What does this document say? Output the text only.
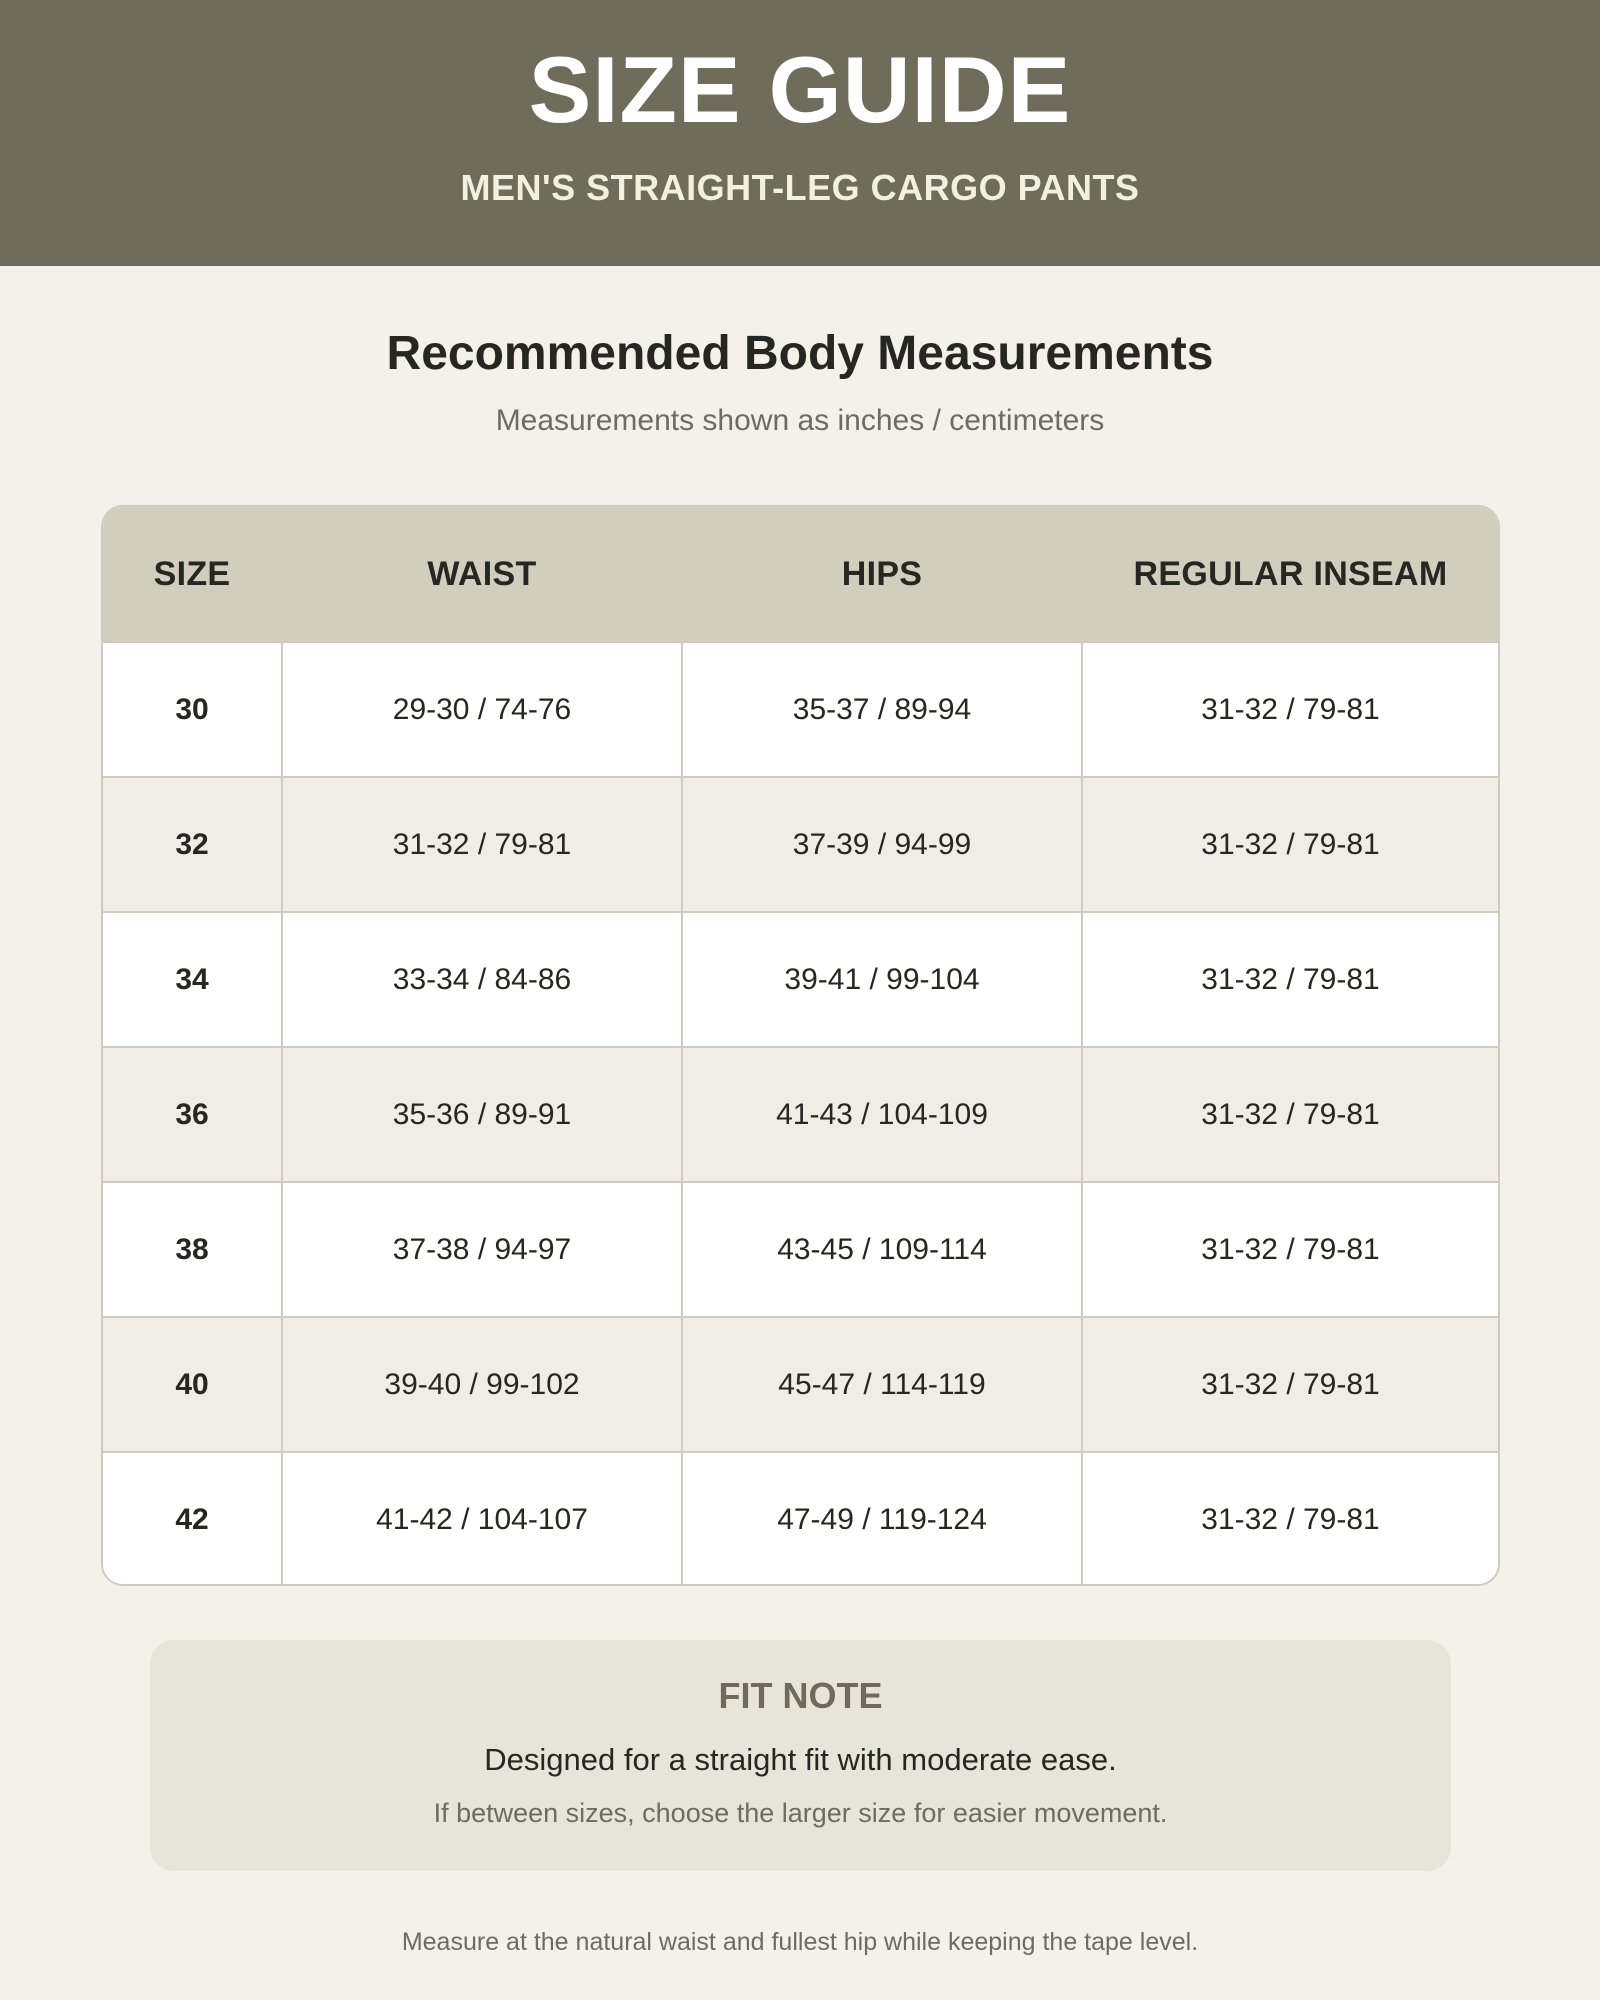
SIZE GUIDE
MEN'S STRAIGHT-LEG CARGO PANTS
Recommended Body Measurements
Measurements shown as inches / centimeters
SIZE	WAIST	HIPS	REGULAR INSEAM
30	29-30 / 74-76	35-37 / 89-94	31-32 / 79-81
32	31-32 / 79-81	37-39 / 94-99	31-32 / 79-81
34	33-34 / 84-86	39-41 / 99-104	31-32 / 79-81
36	35-36 / 89-91	41-43 / 104-109	31-32 / 79-81
38	37-38 / 94-97	43-45 / 109-114	31-32 / 79-81
40	39-40 / 99-102	45-47 / 114-119	31-32 / 79-81
42	41-42 / 104-107	47-49 / 119-124	31-32 / 79-81
FIT NOTE
Designed for a straight fit with moderate ease.
If between sizes, choose the larger size for easier movement.
Measure at the natural waist and fullest hip while keeping the tape level.
